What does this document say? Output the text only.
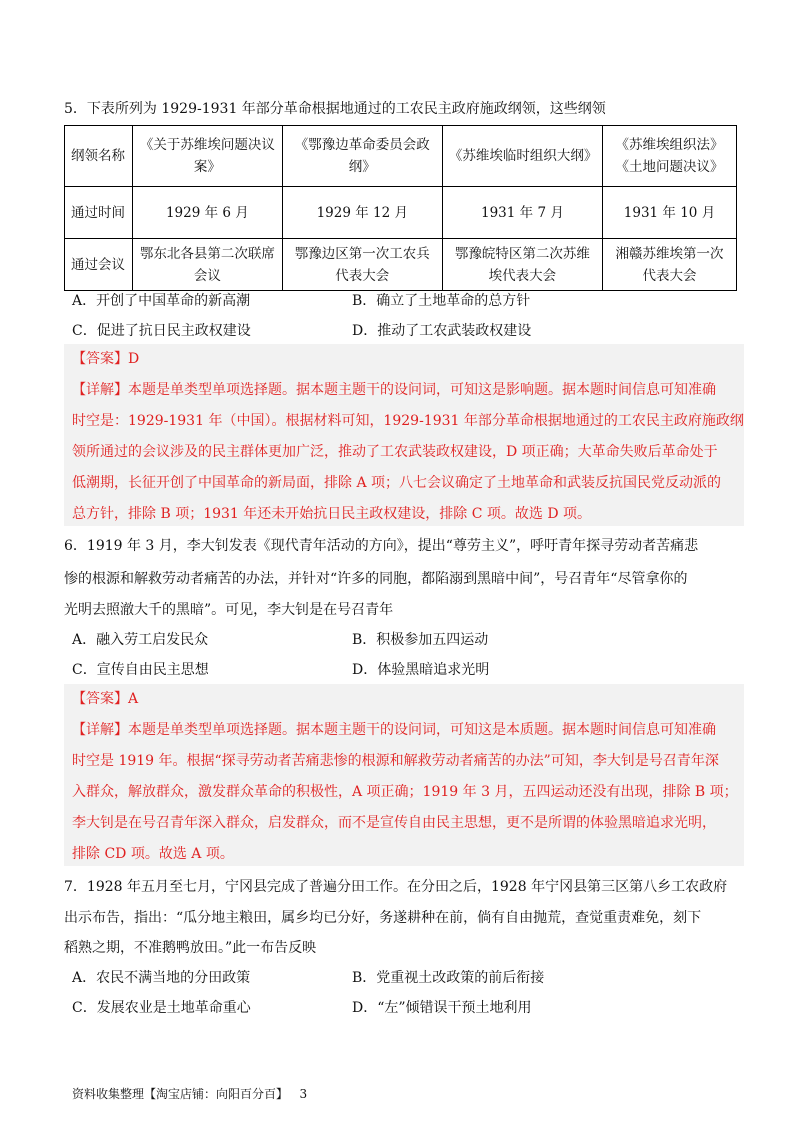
5．下表所列为 1929-1931 年部分革命根据地通过的工农民主政府施政纲领，这些纲领
纲领名称	《关于苏维埃问题决议案》	《鄂豫边革命委员会政纲》	《苏维埃临时组织大纲》	《苏维埃组织法》《土地问题决议》
通过时间	1929 年 6 月	1929 年 12 月	1931 年 7 月	1931 年 10 月
通过会议	鄂东北各县第二次联席会议	鄂豫边区第一次工农兵代表大会	鄂豫皖特区第二次苏维埃代表大会	湘赣苏维埃第一次代表大会
A．开创了中国革命的新高潮	B．确立了土地革命的总方针
C．促进了抗日民主政权建设	D．推动了工农武装政权建设

【答案】D

【详解】本题是单类型单项选择题。据本题主题干的设问词，可知这是影响题。据本题时间信息可知准确

时空是：1929-1931 年（中国）。根据材料可知，1929-1931 年部分革命根据地通过的工农民主政府施政纲

领所通过的会议涉及的民主群体更加广泛，推动了工农武装政权建设，D 项正确；大革命失败后革命处于

低潮期，长征开创了中国革命的新局面，排除 A 项；八七会议确定了土地革命和武装反抗国民党反动派的

总方针，排除 B 项；1931 年还未开始抗日民主政权建设，排除 C 项。故选 D 项。

6．1919 年 3 月，李大钊发表《现代青年活动的方向》，提出“尊劳主义”，呼吁青年探寻劳动者苦痛悲
惨的根源和解救劳动者痛苦的办法，并针对“许多的同胞，都陷溺到黑暗中间”，号召青年“尽管拿你的
光明去照澈大千的黑暗”。可见，李大钊是在号召青年
A．融入劳工启发民众	B．积极参加五四运动
C．宣传自由民主思想	D．体验黑暗追求光明

【答案】A

【详解】本题是单类型单项选择题。据本题主题干的设问词，可知这是本质题。据本题时间信息可知准确

时空是 1919 年。根据“探寻劳动者苦痛悲惨的根源和解救劳动者痛苦的办法”可知，李大钊是号召青年深

入群众，解放群众，激发群众革命的积极性，A 项正确；1919 年 3 月，五四运动还没有出现，排除 B 项；

李大钊是在号召青年深入群众，启发群众，而不是宣传自由民主思想，更不是所谓的体验黑暗追求光明，

排除 CD 项。故选 A 项。

7．1928 年五月至七月，宁冈县完成了普遍分田工作。在分田之后，1928 年宁冈县第三区第八乡工农政府
出示布告，指出：“瓜分地主粮田，属乡均已分好，务遂耕种在前，倘有自由抛荒，查觉重责难免，刻下
稻熟之期，不准鹅鸭放田。”此一布告反映
A．农民不满当地的分田政策	B．党重视土改政策的前后衔接
C．发展农业是土地革命重心	D．“左”倾错误干预土地利用
资料收集整理【淘宝店铺：向阳百分百】   3
